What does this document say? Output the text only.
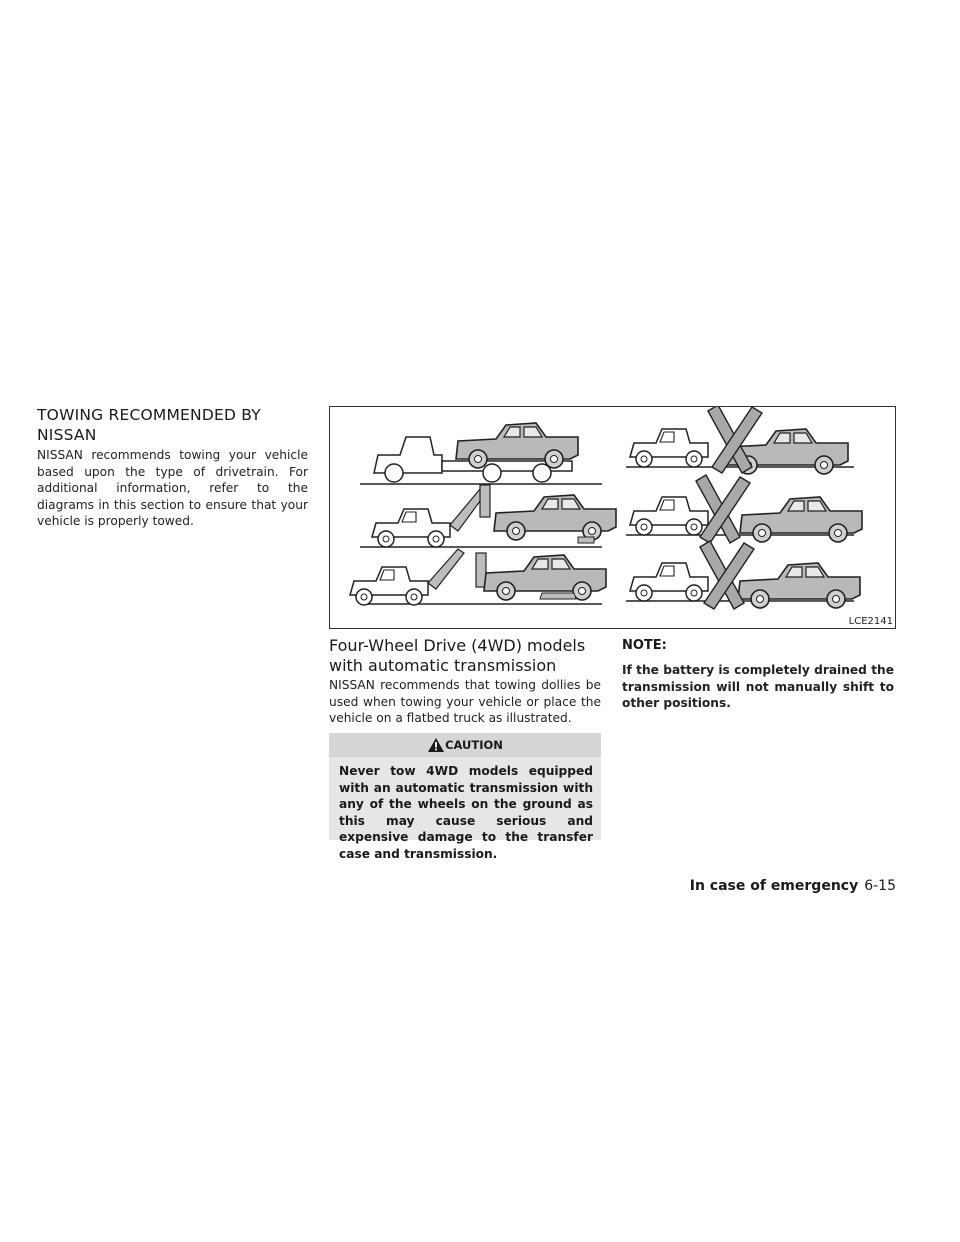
TOWING RECOMMENDED BY
NISSAN
NISSAN recommends towing your vehicle based upon the type of drivetrain. For additional information, refer to the diagrams in this section to ensure that your vehicle is properly towed.
LCE2141
Four-Wheel Drive (4WD) models
with automatic transmission
NISSAN recommends that towing dollies be used when towing your vehicle or place the vehicle on a flatbed truck as illustrated.
CAUTION
Never tow 4WD models equipped with an automatic transmission with any of the wheels on the ground as this may cause serious and expensive damage to the transfer case and transmission.
NOTE:
If the battery is completely drained the transmission will not manually shift to other positions.
In case of emergency 6-15
